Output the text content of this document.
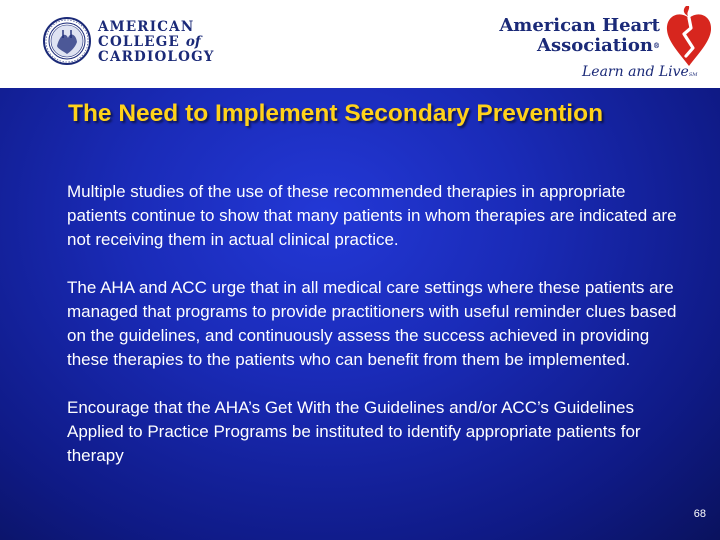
AMERICAN
COLLEGE of
CARDIOLOGY
American Heart
Association®
Learn and LiveSM
The Need to Implement Secondary Prevention

Multiple studies of the use of these recommended therapies in appropriate patients continue to show that many patients in whom therapies are indicated are not receiving them in actual clinical practice.

The AHA and ACC urge that in all medical care settings where these patients are managed that programs to provide practitioners with useful reminder clues based on the guidelines, and continuously assess the success achieved in providing these therapies to the patients who can benefit from them be implemented.

Encourage that the AHA’s Get With the Guidelines and/or ACC’s Guidelines Applied to Practice Programs be instituted to identify appropriate patients for therapy

68
